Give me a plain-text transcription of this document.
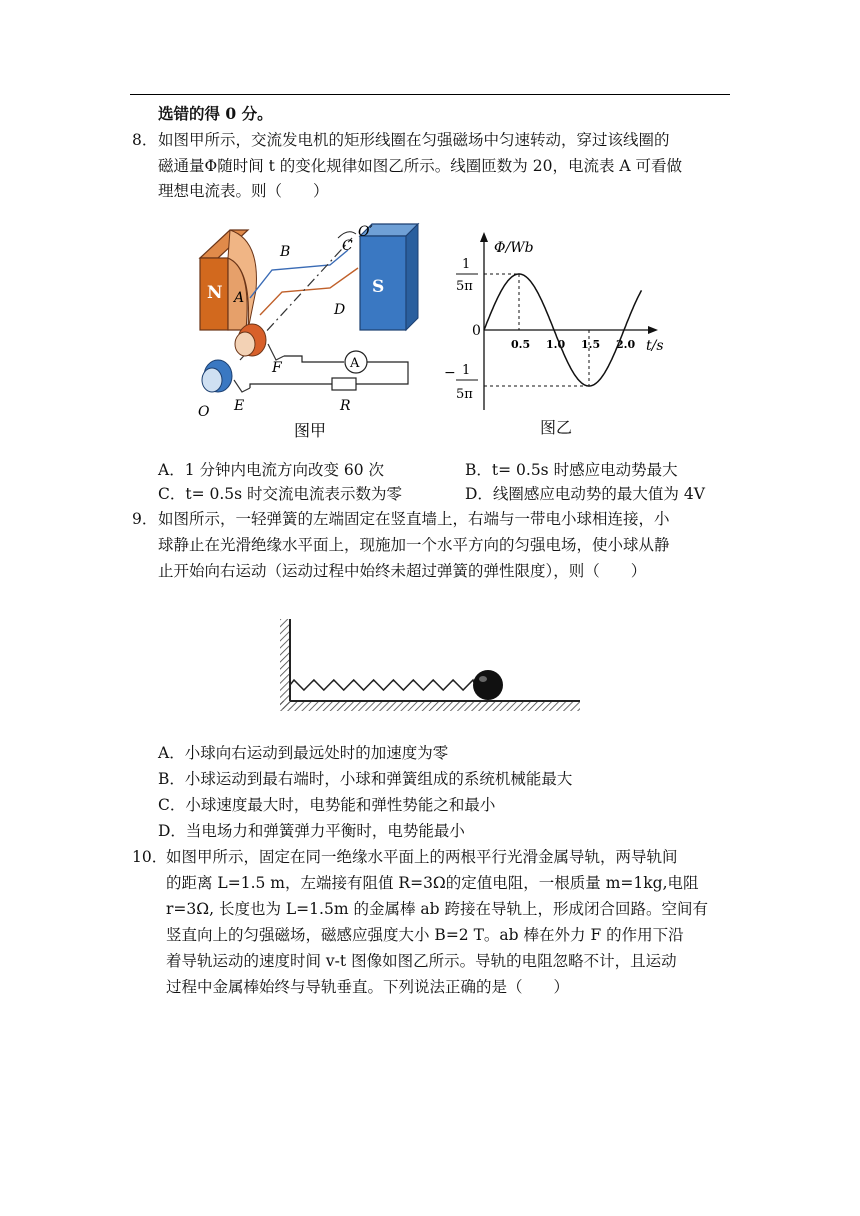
选错的得 0 分。
8． 如图甲所示，交流发电机的矩形线圈在匀强磁场中匀速转动，穿过该线圈的
磁通量Φ随时间 t 的变化规律如图乙所示。线圈匝数为 20，电流表 A 可看做
理想电流表。则（　　）
N A
S
B	C
D
O′
A
F
E
O	R
图甲
Φ/Wb
t/s
0
1
5π
− 1
5π
0.5 1.0 1.5 2.0
图乙
A．1 分钟内电流方向改变 60 次	B．t= 0.5s 时感应电动势最大
C．t= 0.5s 时交流电流表示数为零	D．线圈感应电动势的最大值为 4V
9． 如图所示，一轻弹簧的左端固定在竖直墙上，右端与一带电小球相连接，小
球静止在光滑绝缘水平面上，现施加一个水平方向的匀强电场，使小球从静
止开始向右运动（运动过程中始终未超过弹簧的弹性限度），则（　　）
A．小球向右运动到最远处时的加速度为零
B．小球运动到最右端时，小球和弹簧组成的系统机械能最大
C．小球速度最大时，电势能和弹性势能之和最小
D．当电场力和弹簧弹力平衡时，电势能最小
10．
如图甲所示，固定在同一绝缘水平面上的两根平行光滑金属导轨，两导轨间
的距离 L=1.5 m，左端接有阻值 R=3Ω的定值电阻，一根质量 m=1kg,电阻
r=3Ω, 长度也为 L=1.5m 的金属棒 ab 跨接在导轨上，形成闭合回路。空间有
竖直向上的匀强磁场，磁感应强度大小 B=2 T。ab 棒在外力 F 的作用下沿
着导轨运动的速度时间 v-t 图像如图乙所示。导轨的电阻忽略不计，且运动
过程中金属棒始终与导轨垂直。下列说法正确的是（　　）
